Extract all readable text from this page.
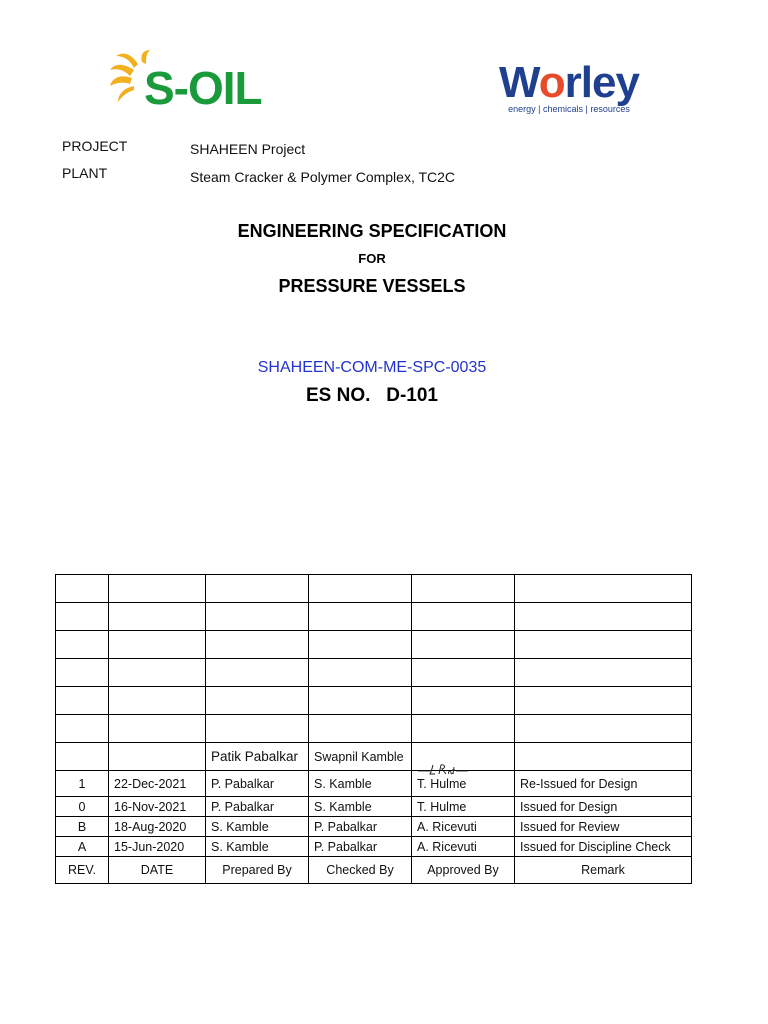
S-OIL	Worley
energy | chemicals | resources
PROJECT	SHAHEEN Project
PLANT	Steam Cracker & Polymer Complex, TC2C
ENGINEERING SPECIFICATION
FOR
PRESSURE VESSELS
SHAHEEN-COM-ME-SPC-0035
ES NO.   D-101

		Patik Pabalkar	Swapnil Kamble		
1	22-Dec-2021	P. Pabalkar	S. Kamble	T. Hulme	Re-Issued for Design
0	16-Nov-2021	P. Pabalkar	S. Kamble	T. Hulme	Issued for Design
B	18-Aug-2020	S. Kamble	P. Pabalkar	A. Ricevuti	Issued for Review
A	15-Jun-2020	S. Kamble	P. Pabalkar	A. Ricevuti	Issued for Discipline Check
REV.	DATE	Prepared By	Checked By	Approved By	Remark
